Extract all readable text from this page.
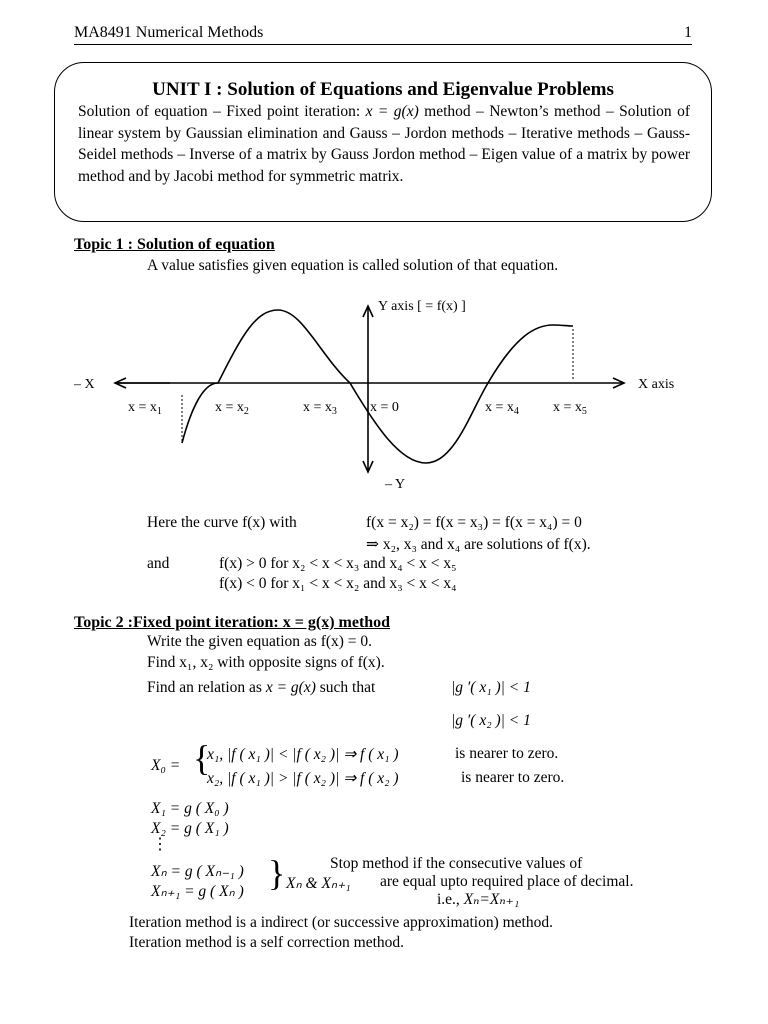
MA8491 Numerical Methods	1
UNIT I : Solution of Equations and Eigenvalue Problems
Solution of equation – Fixed point iteration: x = g(x) method – Newton’s method – Solution of linear system by Gaussian elimination and Gauss – Jordon methods – Iterative methods – Gauss-Seidel methods – Inverse of a matrix by Gauss Jordon method – Eigen value of a matrix by power method and by Jacobi method for symmetric matrix.
Topic 1 : Solution of equation
A value satisfies given equation is called solution of that equation.
Y axis [ = f(x) ]
X axis
– X
– Y
$x = x_1$	$x = x_2$	$x = x_3$ x = 0	$x = x_4$ $x = x_5$
Here the curve f(x) with	f(x = x₂) = f(x = x₃) = f(x = x₄) = 0
⇒ x₂, x₃ and x₄ are solutions of f(x).
and	f(x) > 0 for x₂ < x < x₃ and x₄ < x < x₅
f(x) < 0 for x₁ < x < x₂ and x₃ < x < x₄
Topic 2 :Fixed point iteration: x = g(x) method
Write the given equation as f(x) = 0.
Find x₁, x₂ with opposite signs of f(x).
Find an relation as x = g(x) such that	|g ′( x₁ )| < 1
|g ′( x₂ )| < 1
X₀ = {
x₁, |f ( x₁ )| < |f ( x₂ )| ⇒ f ( x₁ )	is nearer to zero.
x₂, |f ( x₁ )| > |f ( x₂ )| ⇒ f ( x₂ )	is nearer to zero.
X₁ = g ( X₀ )
X₂ = g ( X₁ )
⋮
Xₙ = g ( Xₙ₋₁ )
Xₙ₊₁ = g ( Xₙ ) } Xₙ & Xₙ₊₁
Stop method if the consecutive values of
are equal upto required place of decimal.
i.e., Xₙ=Xₙ₊₁
Iteration method is a indirect (or successive approximation) method.
Iteration method is a self correction method.
